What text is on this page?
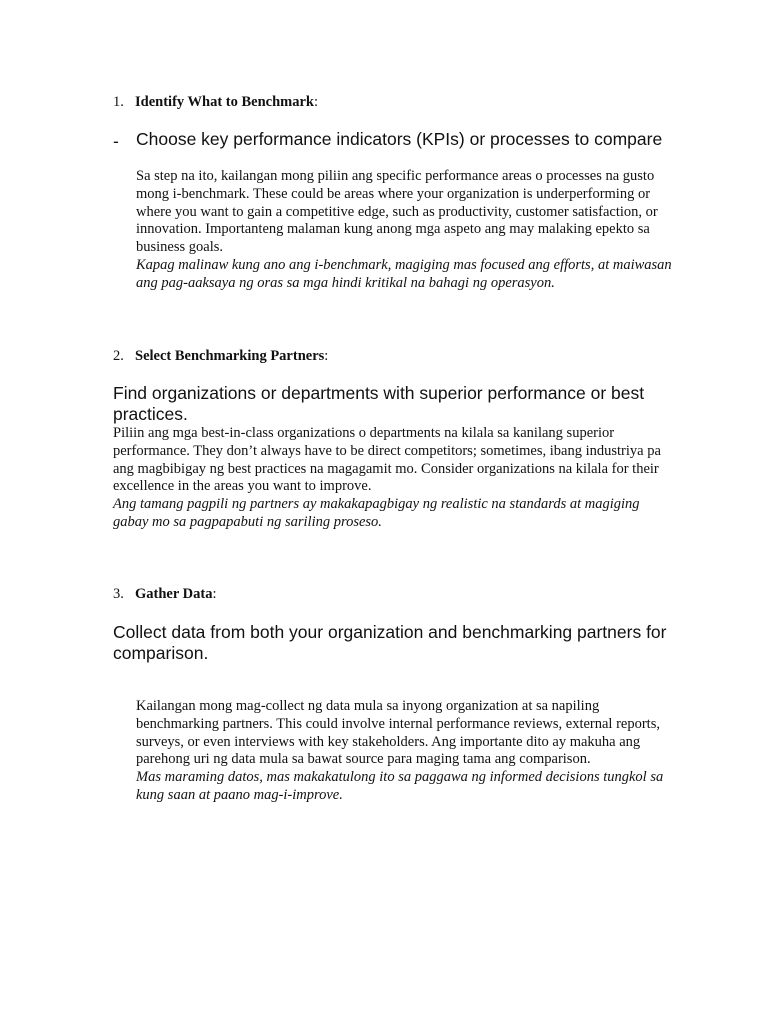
1. Identify What to Benchmark:
- Choose key performance indicators (KPIs) or processes to compare

Sa step na ito, kailangan mong piliin ang specific performance areas o processes na gusto mong i-benchmark. These could be areas where your organization is underperforming or where you want to gain a competitive edge, such as productivity, customer satisfaction, or innovation. Importanteng malaman kung anong mga aspeto ang may malaking epekto sa business goals.

Kapag malinaw kung ano ang i-benchmark, magiging mas focused ang efforts, at maiwasan ang pag-aaksaya ng oras sa mga hindi kritikal na bahagi ng operasyon.

2. Select Benchmarking Partners:
Find organizations or departments with superior performance or best practices.

Piliin ang mga best-in-class organizations o departments na kilala sa kanilang superior performance. They don’t always have to be direct competitors; sometimes, ibang industriya pa ang magbibigay ng best practices na magagamit mo. Consider organizations na kilala for their excellence in the areas you want to improve.

Ang tamang pagpili ng partners ay makakapagbigay ng realistic na standards at magiging gabay mo sa pagpapabuti ng sariling proseso.

3. Gather Data:
Collect data from both your organization and benchmarking partners for comparison.

Kailangan mong mag-collect ng data mula sa inyong organization at sa napiling benchmarking partners. This could involve internal performance reviews, external reports, surveys, or even interviews with key stakeholders. Ang importante dito ay makuha ang parehong uri ng data mula sa bawat source para maging tama ang comparison.

Mas maraming datos, mas makakatulong ito sa paggawa ng informed decisions tungkol sa kung saan at paano mag-i-improve.
